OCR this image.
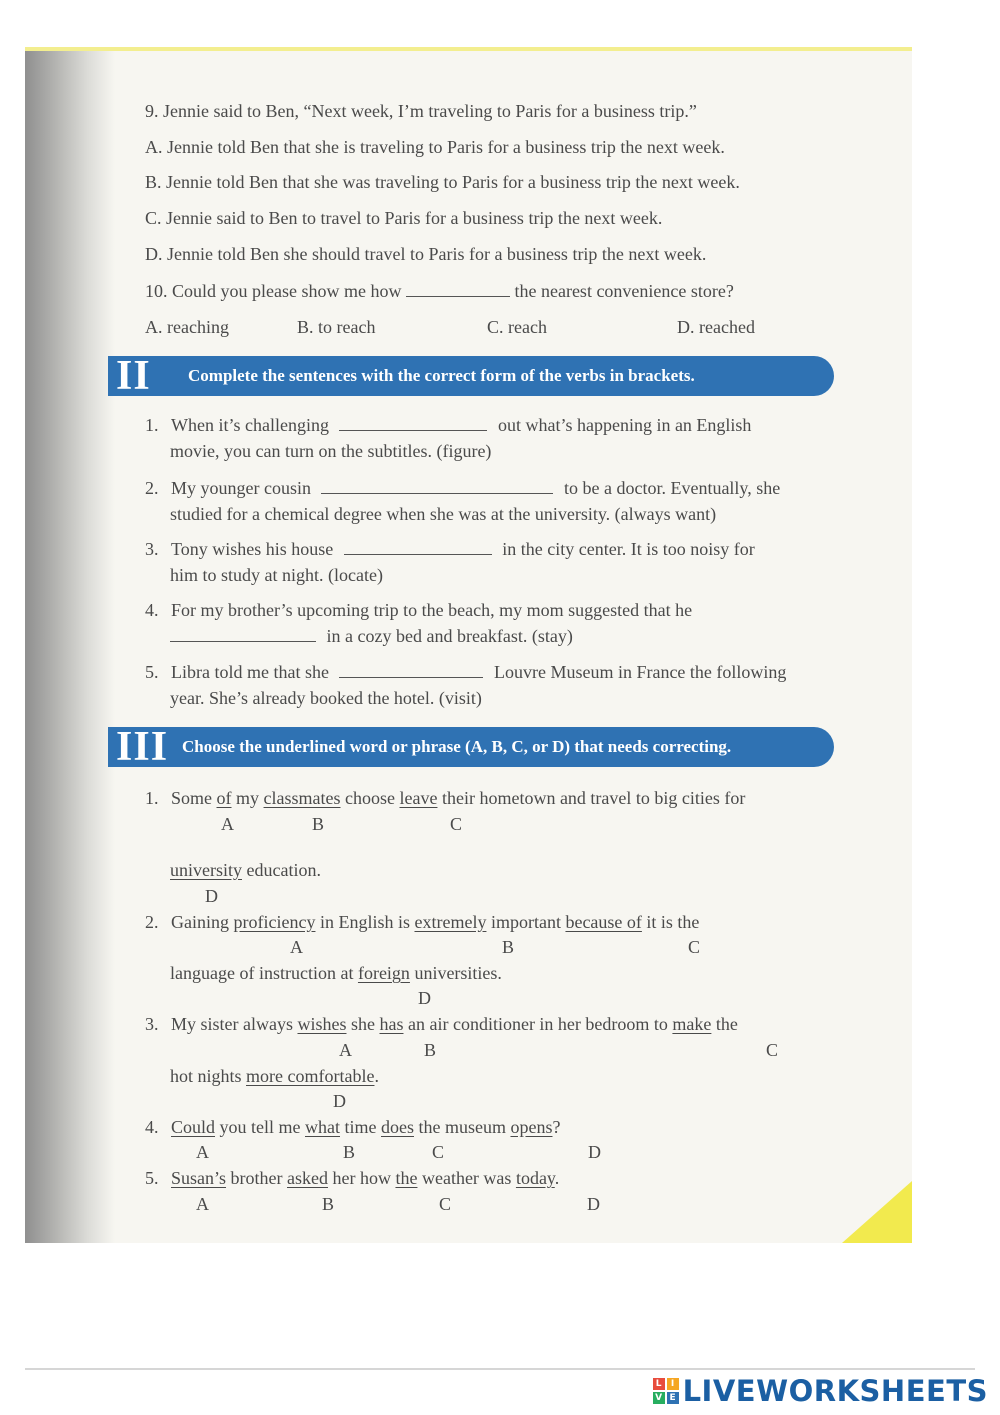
9. Jennie said to Ben, “Next week, I’m traveling to Paris for a business trip.”
A. Jennie told Ben that she is traveling to Paris for a business trip the next week.
B. Jennie told Ben that she was traveling to Paris for a business trip the next week.
C. Jennie said to Ben to travel to Paris for a business trip the next week.
D. Jennie told Ben she should travel to Paris for a business trip the next week.
10. Could you please show me how	the nearest convenience store?
A. reaching	B. to reach	C. reach	D. reached
II Complete the sentences with the correct form of the verbs in brackets.
1. When it’s challenging	out what’s happening in an English
movie, you can turn on the subtitles. (figure)
2. My younger cousin	to be a doctor. Eventually, she
studied for a chemical degree when she was at the university. (always want)
3. Tony wishes his house	in the city center. It is too noisy for
him to study at night. (locate)
4. For my brother’s upcoming trip to the beach, my mom suggested that he
in a cozy bed and breakfast. (stay)
5. Libra told me that she	Louvre Museum in France the following
year. She’s already booked the hotel. (visit)
III Choose the underlined word or phrase (A, B, C, or D) that needs correcting.
1. Some of my classmates choose leave their hometown and travel to big cities for
A	B	C
university education.
D
2. Gaining proficiency in English is extremely important because of it is the
A	B	C
language of instruction at foreign universities.
D
3. My sister always wishes she has an air conditioner in her bedroom to make the
A	B	C
hot nights more comfortable.
D
4. Could you tell me what time does the museum opens?
A	B	C	D
5. Susan’s brother asked her how the weather was today.
A	B	C	D
L	I
V E LIVEWORKSHEETS
